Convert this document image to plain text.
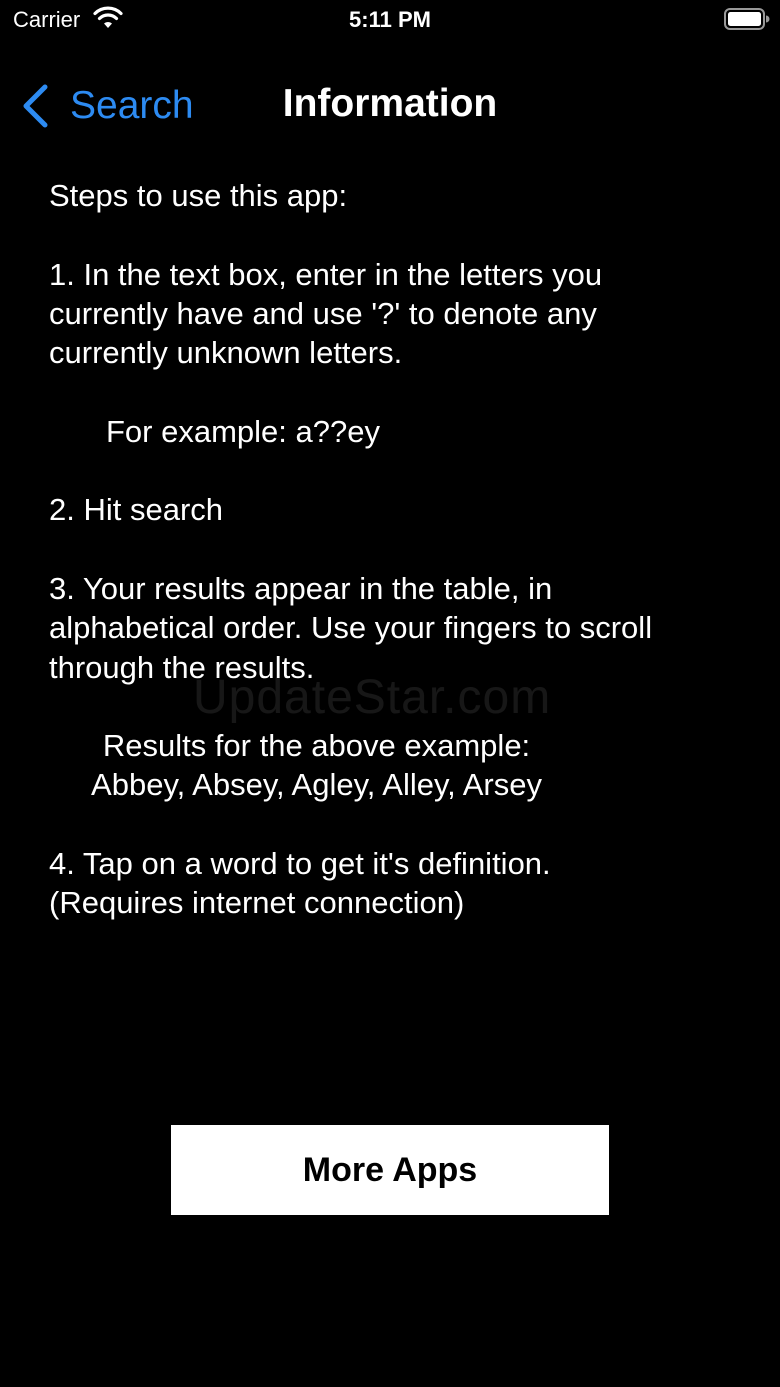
Carrier	5:11 PM
Search	Information

Steps to use this app:

1. In the text box, enter in the letters you

currently have and use '?' to denote any

currently unknown letters.

For example: a??ey

2. Hit search

3. Your results appear in the table, in

alphabetical order. Use your fingers to scroll

through the results.

Results for the above example:

Abbey, Absey, Agley, Alley, Arsey

4. Tap on a word to get it's definition.

(Requires internet connection)

UpdateStar.com
More Apps
